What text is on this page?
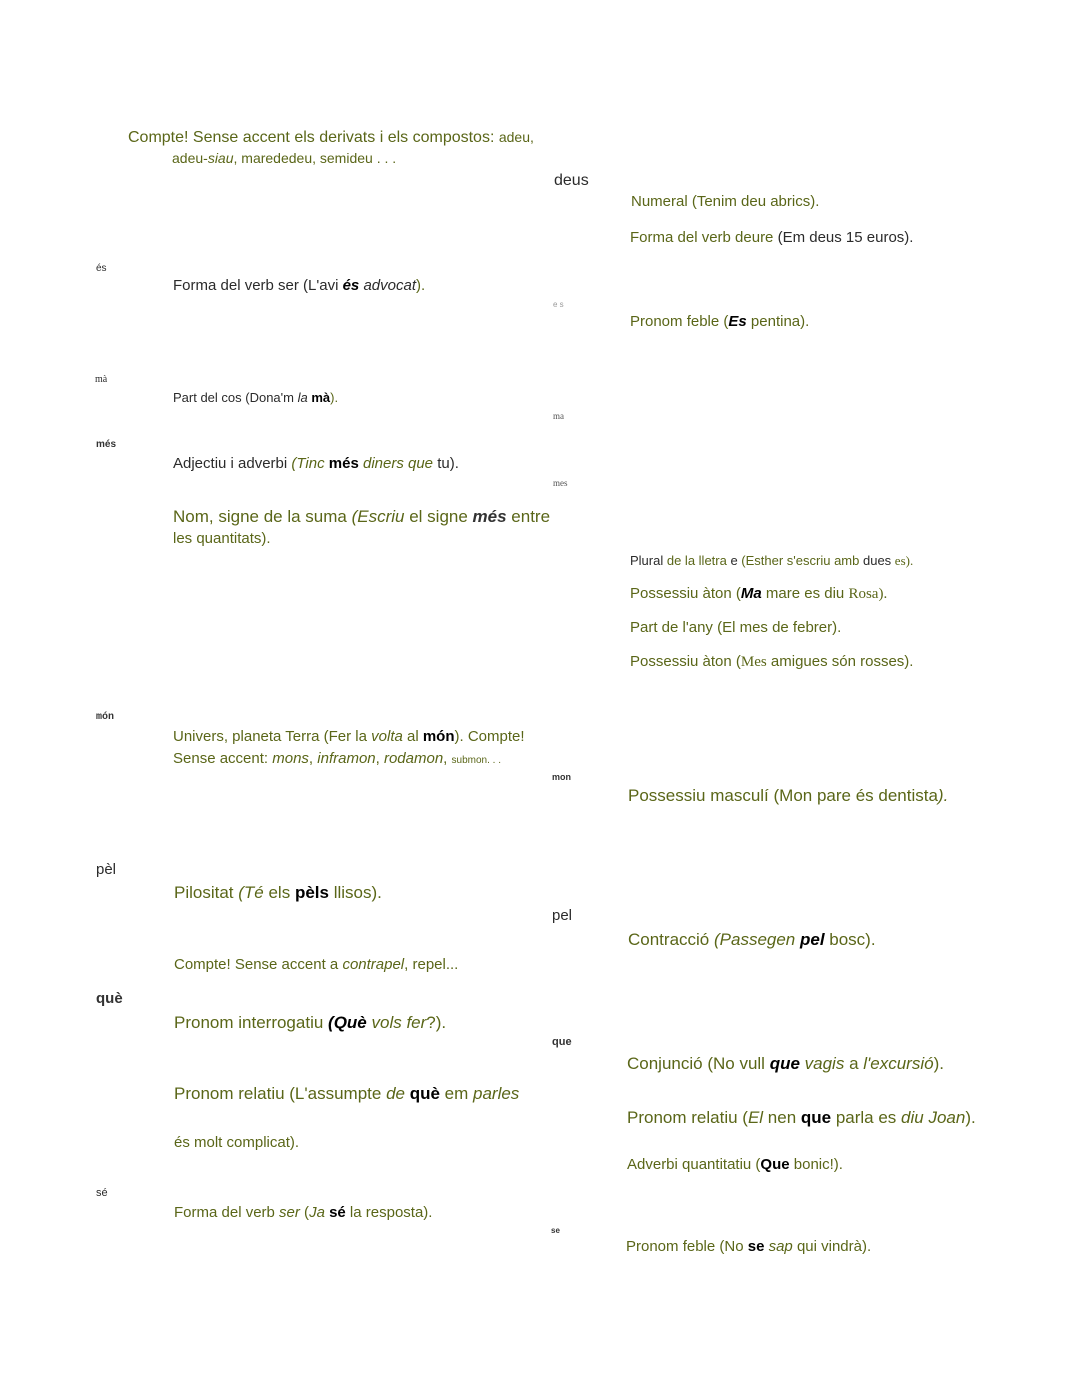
Compte! Sense accent els derivats i els compostos: adeu,
adeu-siau, marededeu, semideu . . .
deus
Numeral (Tenim deu abrics).
Forma del verb deure (Em deus 15 euros).
és
Forma del verb ser (L'avi és advocat).
e s
Pronom feble (Es pentina).
mà
Part del cos (Dona'm la mà).
ma
més
Adjectiu i adverbi (Tinc més diners que tu).
mes
Nom, signe de la suma (Escriu el signe més entre
les quantitats).
Plural de la lletra e (Esther s'escriu amb dues es).
Possessiu àton (Ma mare es diu Rosa).
Part de l'any (El mes de febrer).
Possessiu àton (Mes amigues són rosses).
món
Univers, planeta Terra (Fer la volta al món). Compte!
Sense accent: mons, inframon, rodamon, submon. . .
mon
Possessiu masculí (Mon pare és dentista).
pèl
Pilositat (Té els pèls llisos).
pel
Contracció (Passegen pel bosc).
Compte! Sense accent a contrapel, repel...
què
Pronom interrogatiu (Què vols fer?).
que
Conjunció (No vull que vagis a l'excursió).
Pronom relatiu (L'assumpte de què em parles
Pronom relatiu (El nen que parla es diu Joan).
és molt complicat).
Adverbi quantitatiu (Que bonic!).
sé
Forma del verb ser (Ja sé la resposta).
se
Pronom feble (No se sap qui vindrà).
